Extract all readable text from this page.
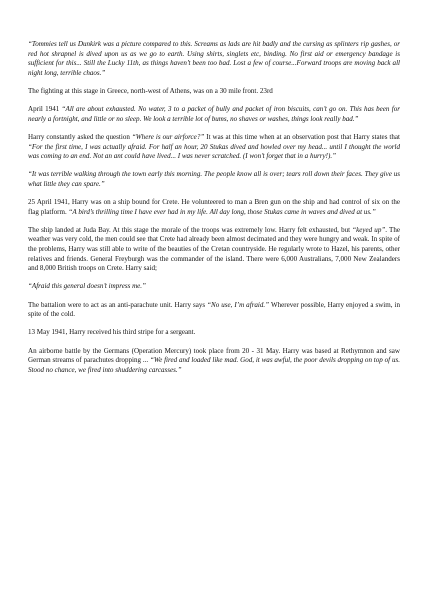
“Tommies tell us Dunkirk was a picture compared to this. Screams as lads are hit badly and the cursing as splinters rip gashes, or red hot shrapnel is dived upon us as we go to earth. Using shirts, singlets etc, binding. No first aid or emergency bandage is sufficient for this... Still the Lucky 11th, as things haven’t been too bad. Lost a few of course...Forward troops are moving back all night long, terrible chaos.”

The fighting at this stage in Greece, north-west of Athens, was on a 30 mile front. 23rd

April 1941 “All are about exhausted. No water, 3 to a packet of bully and packet of iron biscuits, can’t go on. This has been for nearly a fortnight, and little or no sleep. We look a terrible lot of bums, no shaves or washes, things look really bad.”

Harry constantly asked the question “Where is our airforce?” It was at this time when at an observation post that Harry states that “For the first time, I was actually afraid. For half an hour, 20 Stukas dived and howled over my head... until I thought the world was coming to an end. Not an ant could have lived... I was never scratched. (I won’t forget that in a hurry!).”

“It was terrible walking through the town early this morning. The people know all is over; tears roll down their faces. They give us what little they can spare.”

25 April 1941, Harry was on a ship bound for Crete. He volunteered to man a Bren gun on the ship and had control of six on the flag platform. “A bird’s thrilling time I have ever had in my life. All day long, those Stukas came in waves and dived at us.”

The ship landed at Juda Bay. At this stage the morale of the troops was extremely low. Harry felt exhausted, but “keyed up”. The weather was very cold, the men could see that Crete had already been almost decimated and they were hungry and weak. In spite of the problems, Harry was still able to write of the beauties of the Cretan countryside. He regularly wrote to Hazel, his parents, other relatives and friends. General Freyburgh was the commander of the island. There were 6,000 Australians, 7,000 New Zealanders and 8,000 British troops on Crete. Harry said;

“Afraid this general doesn’t impress me.”

The battalion were to act as an anti-parachute unit. Harry says “No use, I’m afraid.” Wherever possible, Harry enjoyed a swim, in spite of the cold.

13 May 1941, Harry received his third stripe for a sergeant.

An airborne battle by the Germans (Operation Mercury) took place from 20 - 31 May. Harry was based at Rethymnon and saw German streams of parachutes dropping ... “We fired and loaded like mad. God, it was awful, the poor devils dropping on top of us. Stood no chance, we fired into shuddering carcasses.”
